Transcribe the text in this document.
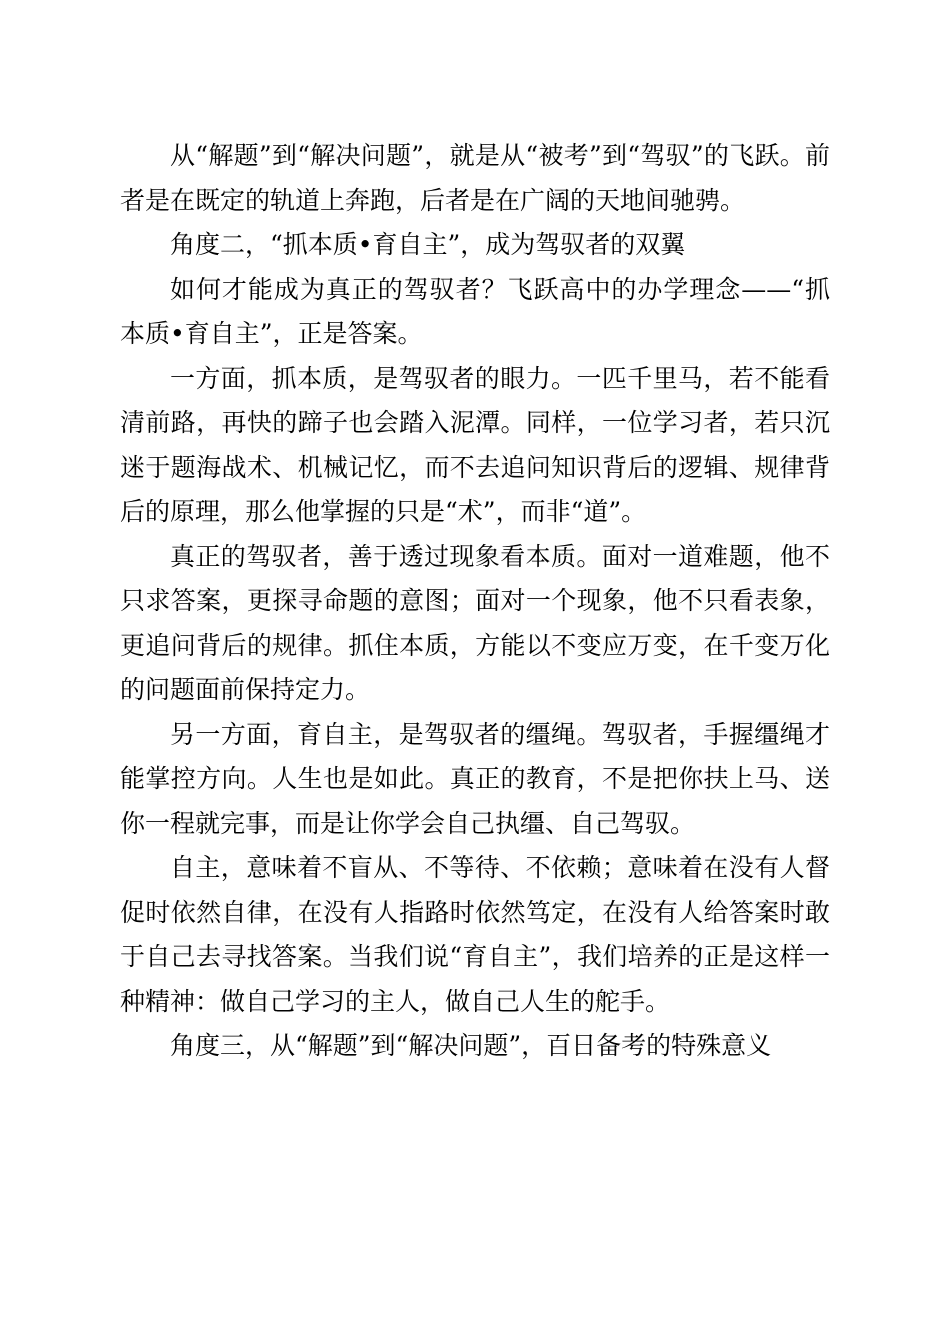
从“解题”到“解决问题”，就是从“被考”到“驾驭”的飞跃。前者是在既定的轨道上奔跑，后者是在广阔的天地间驰骋。

角度二，“抓本质•育自主”，成为驾驭者的双翼

如何才能成为真正的驾驭者？飞跃高中的办学理念——“抓本质•育自主”，正是答案。

一方面，抓本质，是驾驭者的眼力。一匹千里马，若不能看清前路，再快的蹄子也会踏入泥潭。同样，一位学习者，若只沉迷于题海战术、机械记忆，而不去追问知识背后的逻辑、规律背后的原理，那么他掌握的只是“术”，而非“道”。

真正的驾驭者，善于透过现象看本质。面对一道难题，他不只求答案，更探寻命题的意图；面对一个现象，他不只看表象，更追问背后的规律。抓住本质，方能以不变应万变，在千变万化的问题面前保持定力。

另一方面，育自主，是驾驭者的缰绳。驾驭者，手握缰绳才能掌控方向。人生也是如此。真正的教育，不是把你扶上马、送你一程就完事，而是让你学会自己执缰、自己驾驭。

自主，意味着不盲从、不等待、不依赖；意味着在没有人督促时依然自律，在没有人指路时依然笃定，在没有人给答案时敢于自己去寻找答案。当我们说“育自主”，我们培养的正是这样一种精神：做自己学习的主人，做自己人生的舵手。

角度三，从“解题”到“解决问题”，百日备考的特殊意义
